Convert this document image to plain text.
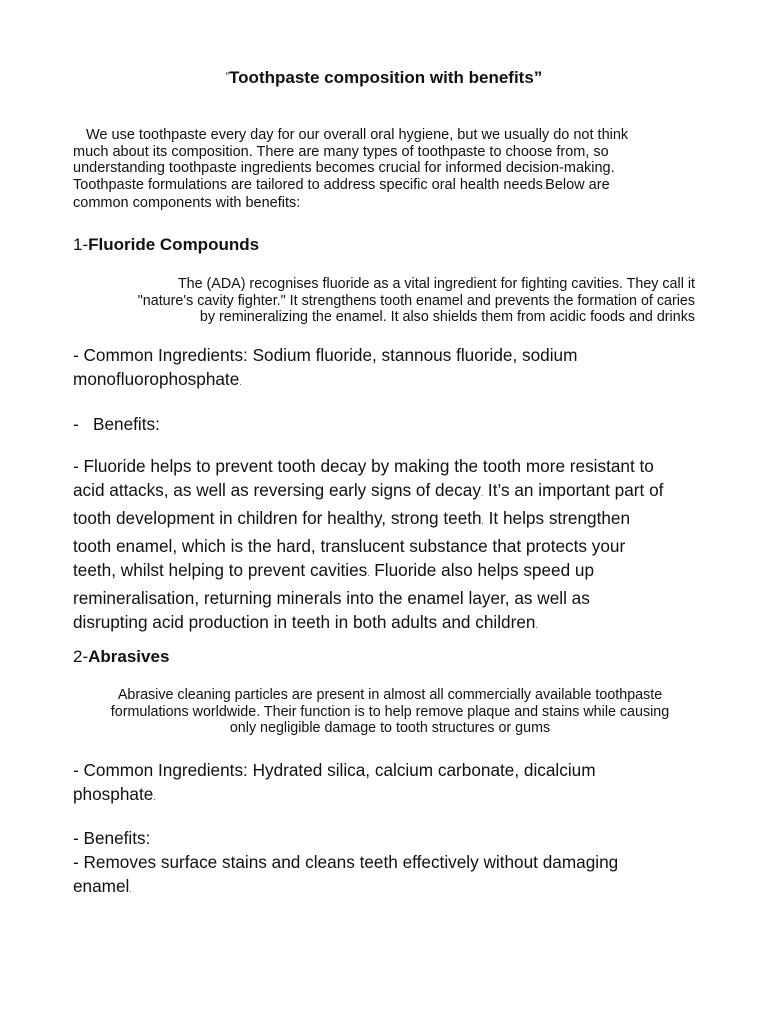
“Toothpaste composition with benefits”

We use toothpaste every day for our overall oral hygiene, but we usually do not think
much about its composition. There are many types of toothpaste to choose from, so
understanding toothpaste ingredients becomes crucial for informed decision-making.
Toothpaste formulations are tailored to address specific oral health needs.Below are
common components with benefits:

1-Fluoride Compounds

The (ADA) recognises fluoride as a vital ingredient for fighting cavities. They call it
"nature's cavity fighter." It strengthens tooth enamel and prevents the formation of caries
by remineralizing the enamel. It also shields them from acidic foods and drinks

- Common Ingredients: Sodium fluoride, stannous fluoride, sodium
monofluorophosphate.

- Benefits:

- Fluoride helps to prevent tooth decay by making the tooth more resistant to
acid attacks, as well as reversing early signs of decay. It’s an important part of
tooth development in children for healthy, strong teeth. It helps strengthen
tooth enamel, which is the hard, translucent substance that protects your
teeth, whilst helping to prevent cavities. Fluoride also helps speed up
remineralisation, returning minerals into the enamel layer, as well as
disrupting acid production in teeth in both adults and children.

2-Abrasives

Abrasive cleaning particles are present in almost all commercially available toothpaste
formulations worldwide. Their function is to help remove plaque and stains while causing
only negligible damage to tooth structures or gums

- Common Ingredients: Hydrated silica, calcium carbonate, dicalcium
phosphate.

- Benefits:
- Removes surface stains and cleans teeth effectively without damaging
enamel.
